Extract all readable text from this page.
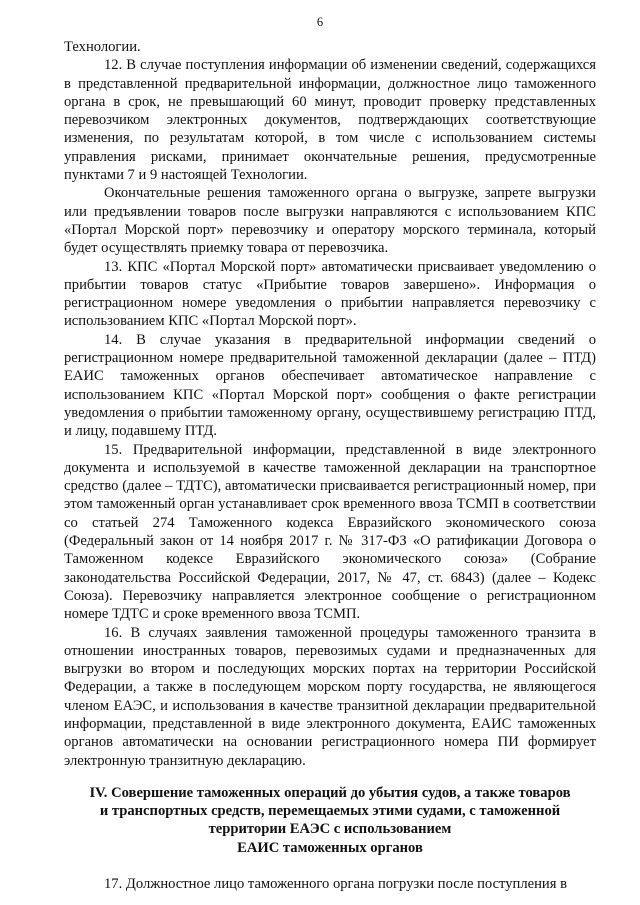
6

Технологии.

12. В случае поступления информации об изменении сведений, содержащихся в представленной предварительной информации, должностное лицо таможенного органа в срок, не превышающий 60 минут, проводит проверку представленных перевозчиком электронных документов, подтверждающих соответствующие изменения, по результатам которой, в том числе с использованием системы управления рисками, принимает окончательные решения, предусмотренные пунктами 7 и 9 настоящей Технологии.

Окончательные решения таможенного органа о выгрузке, запрете выгрузки или предъявлении товаров после выгрузки направляются с использованием КПС «Портал Морской порт» перевозчику и оператору морского терминала, который будет осуществлять приемку товара от перевозчика.

13. КПС «Портал Морской порт» автоматически присваивает уведомлению о прибытии товаров статус «Прибытие товаров завершено». Информация о регистрационном номере уведомления о прибытии направляется перевозчику с использованием КПС «Портал Морской порт».

14. В случае указания в предварительной информации сведений о регистрационном номере предварительной таможенной декларации (далее – ПТД) ЕАИС таможенных органов обеспечивает автоматическое направление с использованием КПС «Портал Морской порт» сообщения о факте регистрации уведомления о прибытии таможенному органу, осуществившему регистрацию ПТД, и лицу, подавшему ПТД.

15. Предварительной информации, представленной в виде электронного документа и используемой в качестве таможенной декларации на транспортное средство (далее – ТДТС), автоматически присваивается регистрационный номер, при этом таможенный орган устанавливает срок временного ввоза ТСМП в соответствии со статьей 274 Таможенного кодекса Евразийского экономического союза (Федеральный закон от 14 ноября 2017 г. № 317-ФЗ «О ратификации Договора о Таможенном кодексе Евразийского экономического союза» (Собрание законодательства Российской Федерации, 2017, № 47, ст. 6843) (далее – Кодекс Союза). Перевозчику направляется электронное сообщение о регистрационном номере ТДТС и сроке временного ввоза ТСМП.

16. В случаях заявления таможенной процедуры таможенного транзита в отношении иностранных товаров, перевозимых судами и предназначенных для выгрузки во втором и последующих морских портах на территории Российской Федерации, а также в последующем морском порту государства, не являющегося членом ЕАЭС, и использования в качестве транзитной декларации предварительной информации, представленной в виде электронного документа, ЕАИС таможенных органов автоматически на основании регистрационного номера ПИ формирует электронную транзитную декларацию.

IV. Совершение таможенных операций до убытия судов, а также товаров
и транспортных средств, перемещаемых этими судами, с таможенной
территории ЕАЭС с использованием
ЕАИС таможенных органов

17. Должностное лицо таможенного органа погрузки после поступления в
